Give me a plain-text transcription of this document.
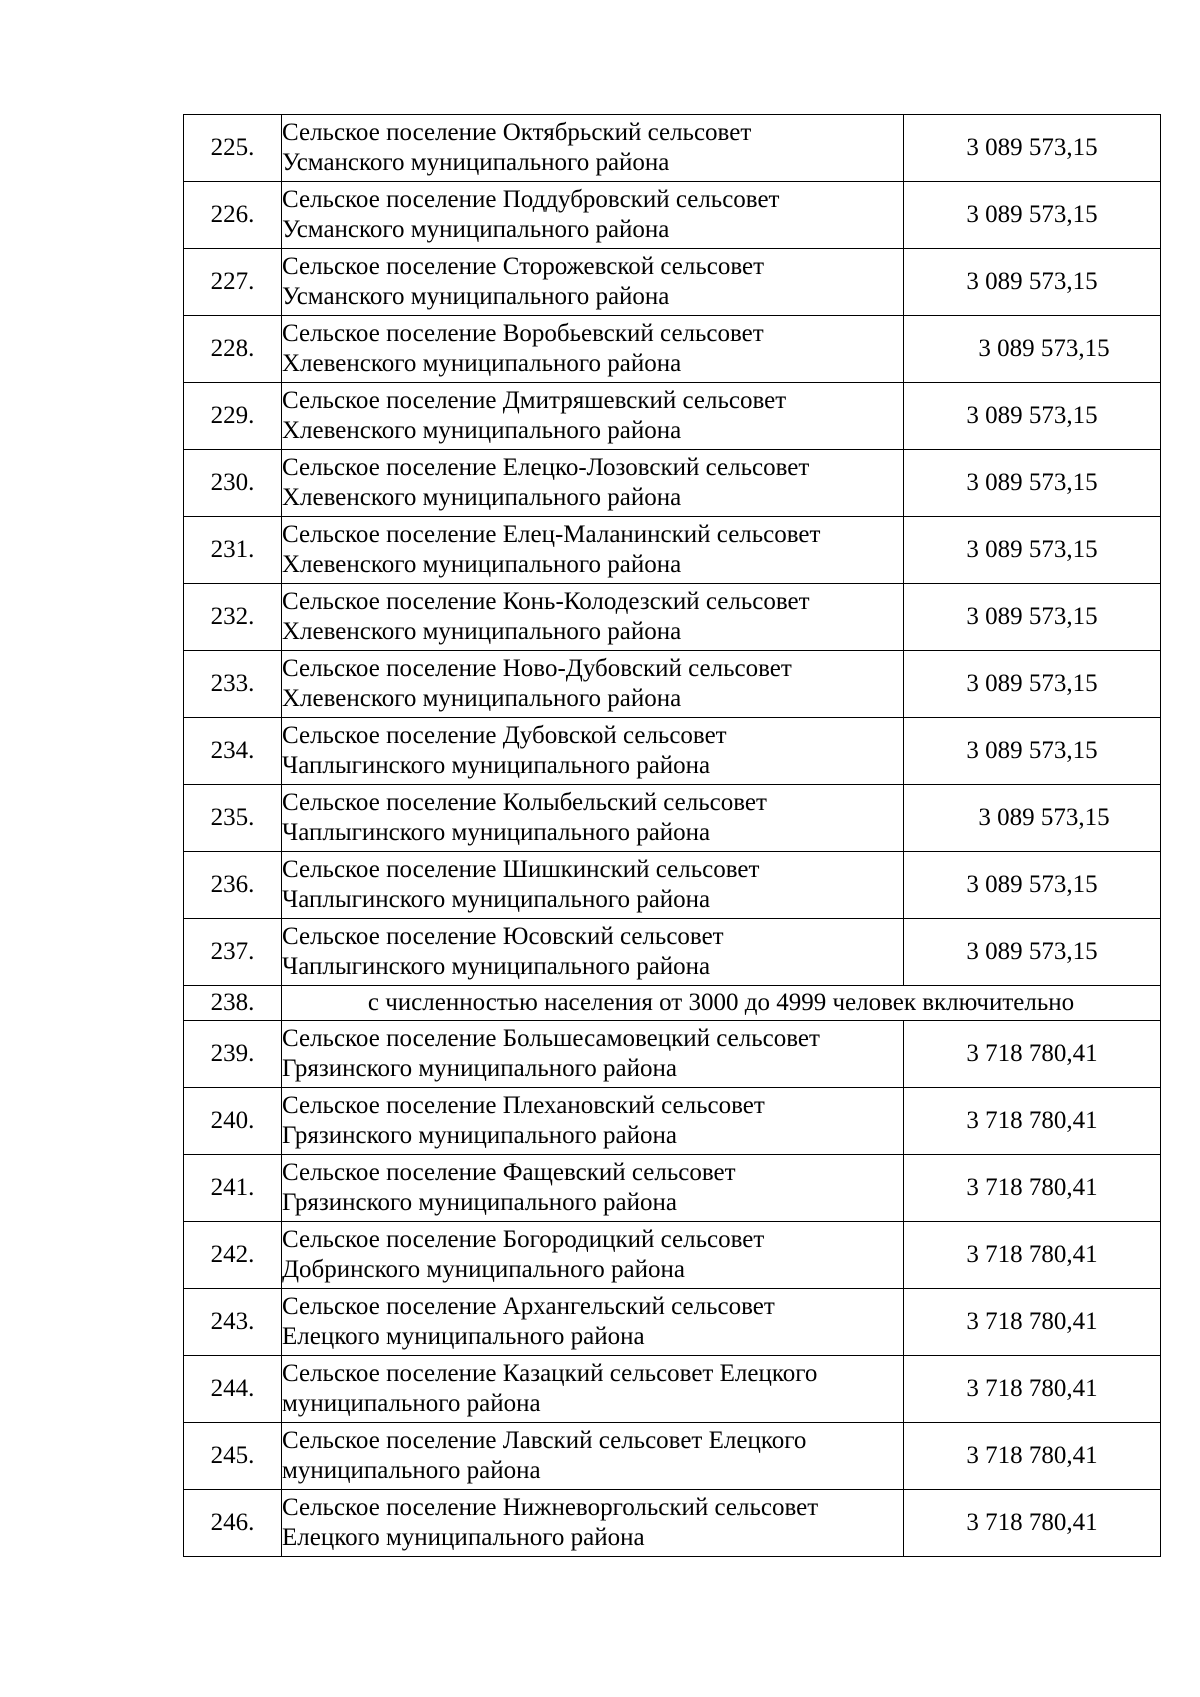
225.	Сельское поселение Октябрьский сельсовет
Усманского муниципального района	3 089 573,15
226.	Сельское поселение Поддубровский сельсовет
Усманского муниципального района	3 089 573,15
227.	Сельское поселение Сторожевской сельсовет
Усманского муниципального района	3 089 573,15
228.	Сельское поселение Воробьевский сельсовет
Хлевенского муниципального района	3 089 573,15
229.	Сельское поселение Дмитряшевский сельсовет
Хлевенского муниципального района	3 089 573,15
230.	Сельское поселение Елецко-Лозовский сельсовет
Хлевенского муниципального района	3 089 573,15
231.	Сельское поселение Елец-Маланинский сельсовет
Хлевенского муниципального района	3 089 573,15
232.	Сельское поселение Конь-Колодезский сельсовет
Хлевенского муниципального района	3 089 573,15
233.	Сельское поселение Ново-Дубовский сельсовет
Хлевенского муниципального района	3 089 573,15
234.	Сельское поселение Дубовской сельсовет
Чаплыгинского муниципального района	3 089 573,15
235.	Сельское поселение Колыбельский сельсовет
Чаплыгинского муниципального района	3 089 573,15
236.	Сельское поселение Шишкинский сельсовет
Чаплыгинского муниципального района	3 089 573,15
237.	Сельское поселение Юсовский сельсовет
Чаплыгинского муниципального района	3 089 573,15
238.	с численностью населения от 3000 до 4999 человек включительно	
239.	Сельское поселение Большесамовецкий сельсовет
Грязинского муниципального района	3 718 780,41
240.	Сельское поселение Плехановский сельсовет
Грязинского муниципального района	3 718 780,41
241.	Сельское поселение Фащевский сельсовет
Грязинского муниципального района	3 718 780,41
242.	Сельское поселение Богородицкий сельсовет
Добринского муниципального района	3 718 780,41
243.	Сельское поселение Архангельский сельсовет
Елецкого муниципального района	3 718 780,41
244.	Сельское поселение Казацкий сельсовет Елецкого
муниципального района	3 718 780,41
245.	Сельское поселение Лавский сельсовет Елецкого
муниципального района	3 718 780,41
246.	Сельское поселение Нижневоргольский сельсовет
Елецкого муниципального района	3 718 780,41
